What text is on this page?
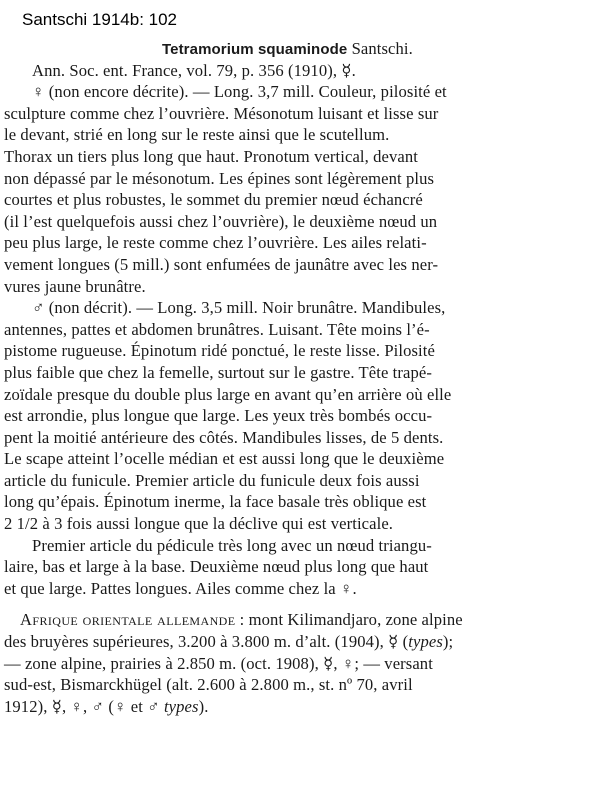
Santschi 1914b: 102
Tetramorium squaminode Santschi.
Ann. Soc. ent. France, vol. 79, p. 356 (1910), ☿.
♀ (non encore décrite). — Long. 3,7 mill. Couleur, pilosité et
sculpture comme chez l’ouvrière. Mésonotum luisant et lisse sur
le devant, strié en long sur le reste ainsi que le scutellum.
Thorax un tiers plus long que haut. Pronotum vertical, devant
non dépassé par le mésonotum. Les épines sont légèrement plus
courtes et plus robustes, le sommet du premier nœud échancré
(il l’est quelquefois aussi chez l’ouvrière), le deuxième nœud un
peu plus large, le reste comme chez l’ouvrière. Les ailes relati-
vement longues (5 mill.) sont enfumées de jaunâtre avec les ner-
vures jaune brunâtre.
♂ (non décrit). — Long. 3,5 mill. Noir brunâtre. Mandibules,
antennes, pattes et abdomen brunâtres. Luisant. Tête moins l’é-
pistome rugueuse. Épinotum ridé ponctué, le reste lisse. Pilosité
plus faible que chez la femelle, surtout sur le gastre. Tête trapé-
zoïdale presque du double plus large en avant qu’en arrière où elle
est arrondie, plus longue que large. Les yeux très bombés occu-
pent la moitié antérieure des côtés. Mandibules lisses, de 5 dents.
Le scape atteint l’ocelle médian et est aussi long que le deuxième
article du funicule. Premier article du funicule deux fois aussi
long qu’épais. Épinotum inerme, la face basale très oblique est
2 1/2 à 3 fois aussi longue que la déclive qui est verticale.
Premier article du pédicule très long avec un nœud triangu-
laire, bas et large à la base. Deuxième nœud plus long que haut
et que large. Pattes longues. Ailes comme chez la ♀.
Afrique orientale allemande : mont Kilimandjaro, zone alpine
des bruyères supérieures, 3.200 à 3.800 m. d’alt. (1904), ☿ (types);
— zone alpine, prairies à 2.850 m. (oct. 1908), ☿, ♀; — versant
sud-est, Bismarckhügel (alt. 2.600 à 2.800 m., st. nº 70, avril
1912), ☿, ♀, ♂ (♀ et ♂ types).
